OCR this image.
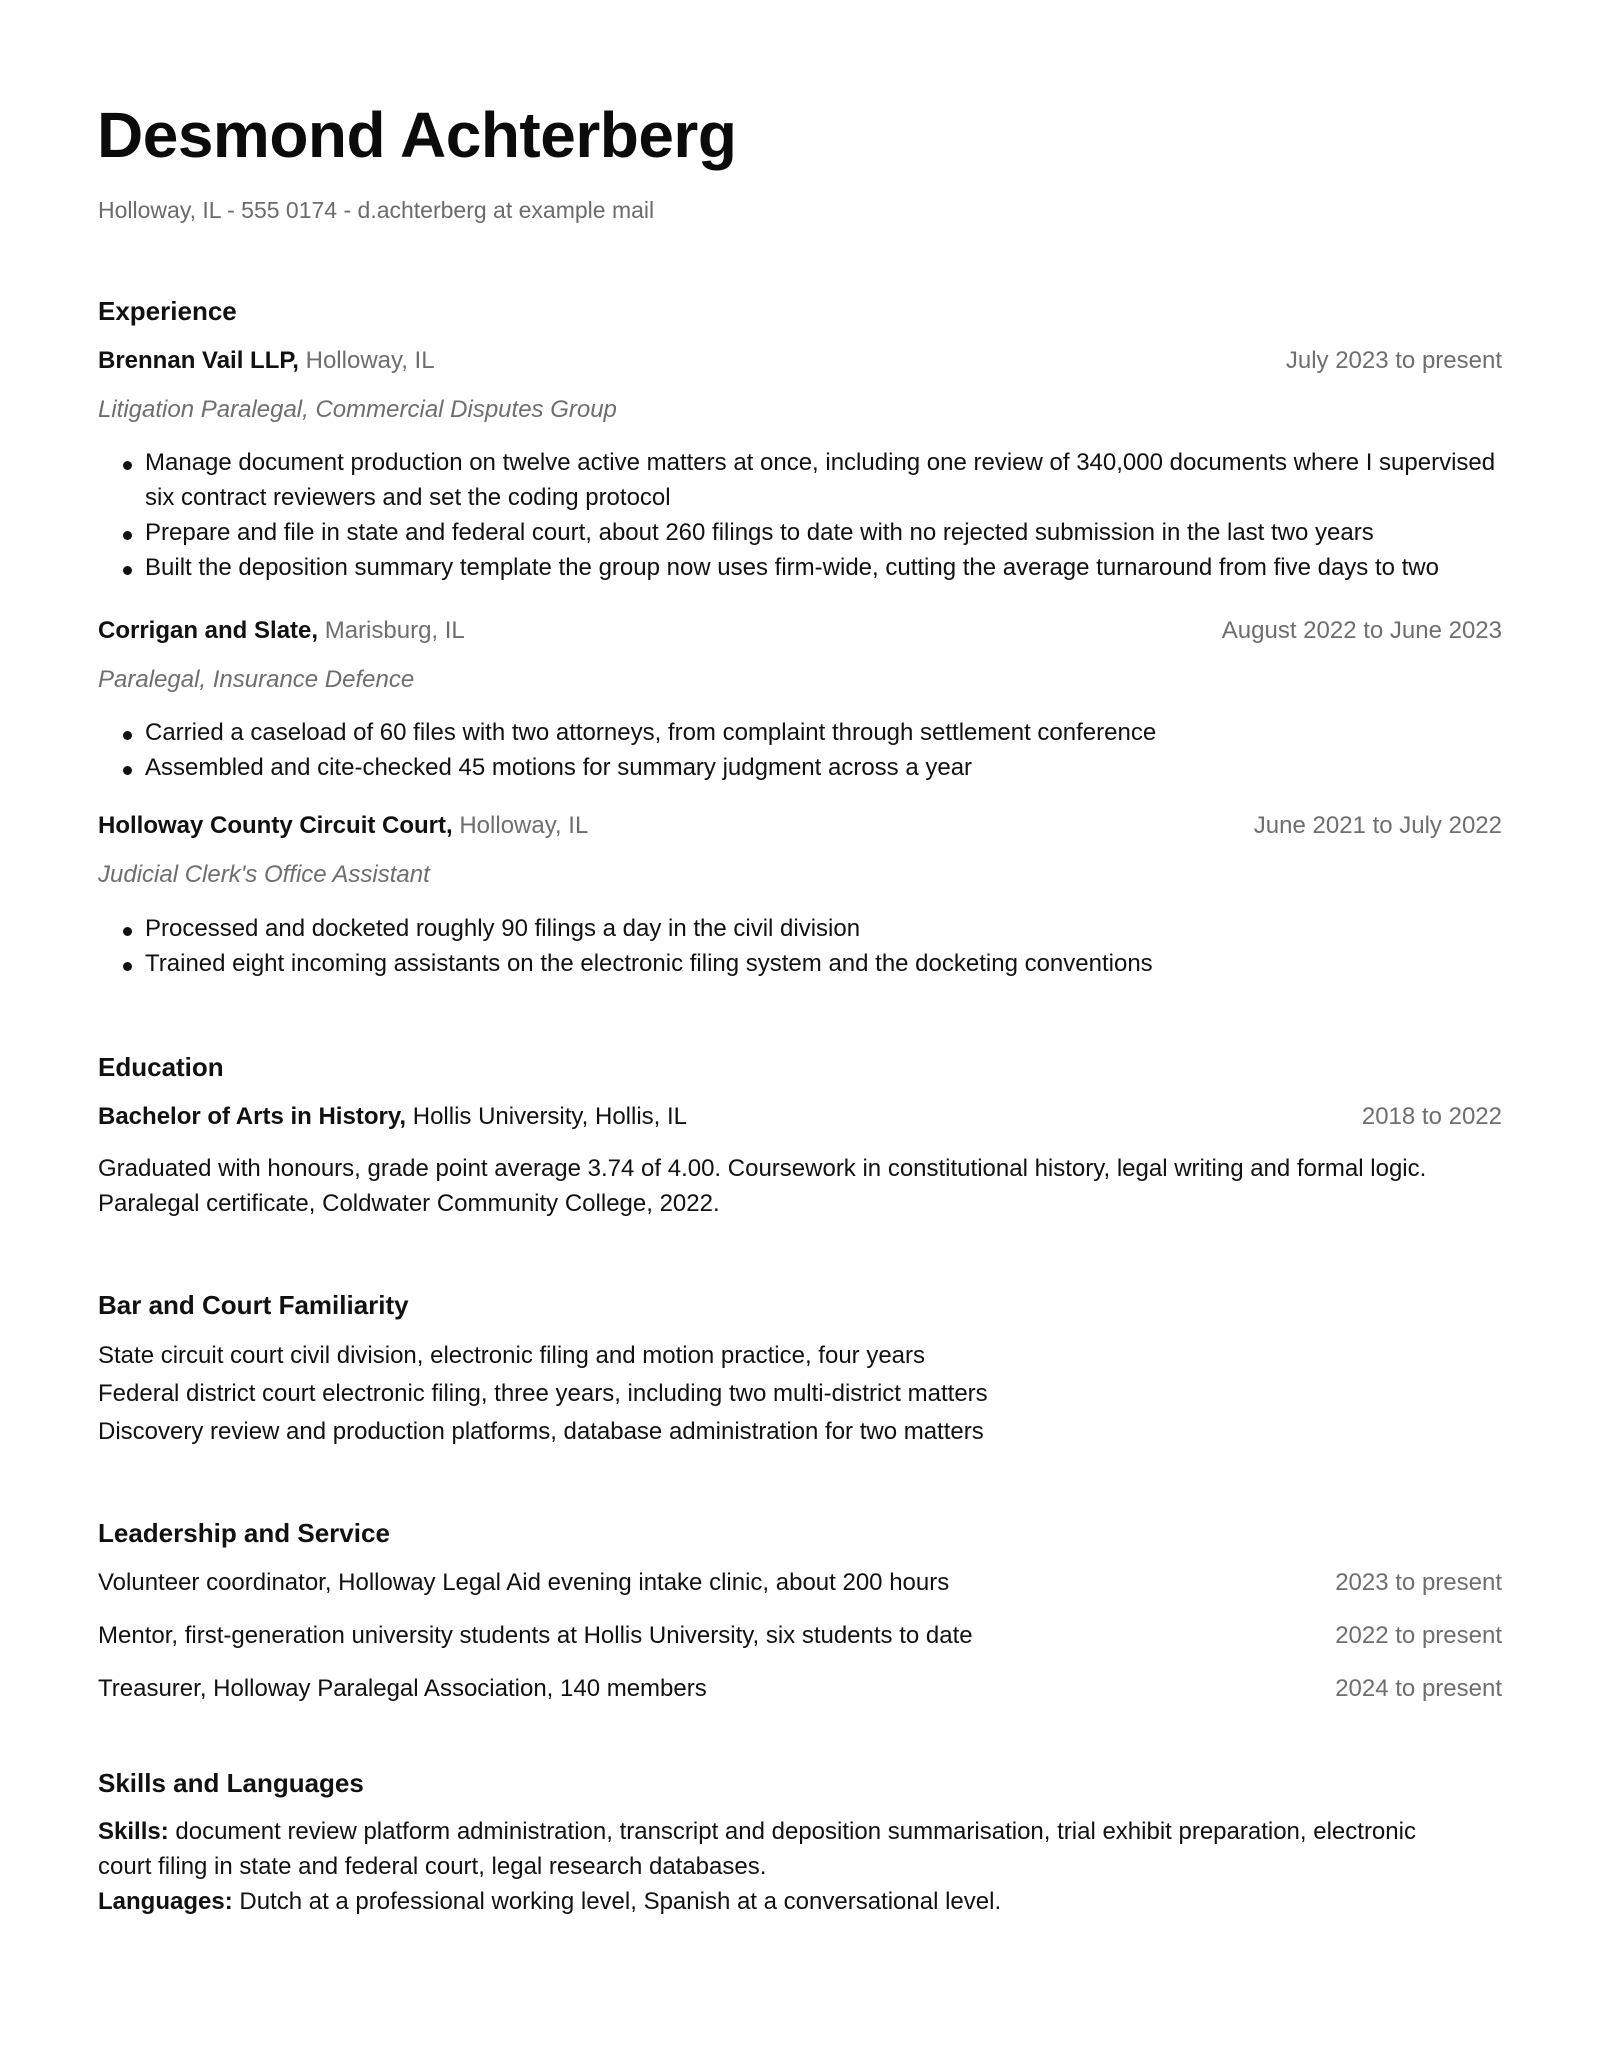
Desmond Achterberg
Holloway, IL - 555 0174 - d.achterberg at example mail
Experience
Brennan Vail LLP, Holloway, IL	July 2023 to present
Litigation Paralegal, Commercial Disputes Group
Manage document production on twelve active matters at once, including one review of 340,000 documents where I supervised
six contract reviewers and set the coding protocol
Prepare and file in state and federal court, about 260 filings to date with no rejected submission in the last two years
Built the deposition summary template the group now uses firm-wide, cutting the average turnaround from five days to two
Corrigan and Slate, Marisburg, IL	August 2022 to June 2023
Paralegal, Insurance Defence
Carried a caseload of 60 files with two attorneys, from complaint through settlement conference
Assembled and cite-checked 45 motions for summary judgment across a year
Holloway County Circuit Court, Holloway, IL	June 2021 to July 2022
Judicial Clerk's Office Assistant
Processed and docketed roughly 90 filings a day in the civil division
Trained eight incoming assistants on the electronic filing system and the docketing conventions
Education
Bachelor of Arts in History, Hollis University, Hollis, IL	2018 to 2022
Graduated with honours, grade point average 3.74 of 4.00. Coursework in constitutional history, legal writing and formal logic.
Paralegal certificate, Coldwater Community College, 2022.
Bar and Court Familiarity
State circuit court civil division, electronic filing and motion practice, four years
Federal district court electronic filing, three years, including two multi-district matters
Discovery review and production platforms, database administration for two matters
Leadership and Service
Volunteer coordinator, Holloway Legal Aid evening intake clinic, about 200 hours	2023 to present
Mentor, first-generation university students at Hollis University, six students to date	2022 to present
Treasurer, Holloway Paralegal Association, 140 members	2024 to present
Skills and Languages
Skills: document review platform administration, transcript and deposition summarisation, trial exhibit preparation, electronic
court filing in state and federal court, legal research databases.
Languages: Dutch at a professional working level, Spanish at a conversational level.
